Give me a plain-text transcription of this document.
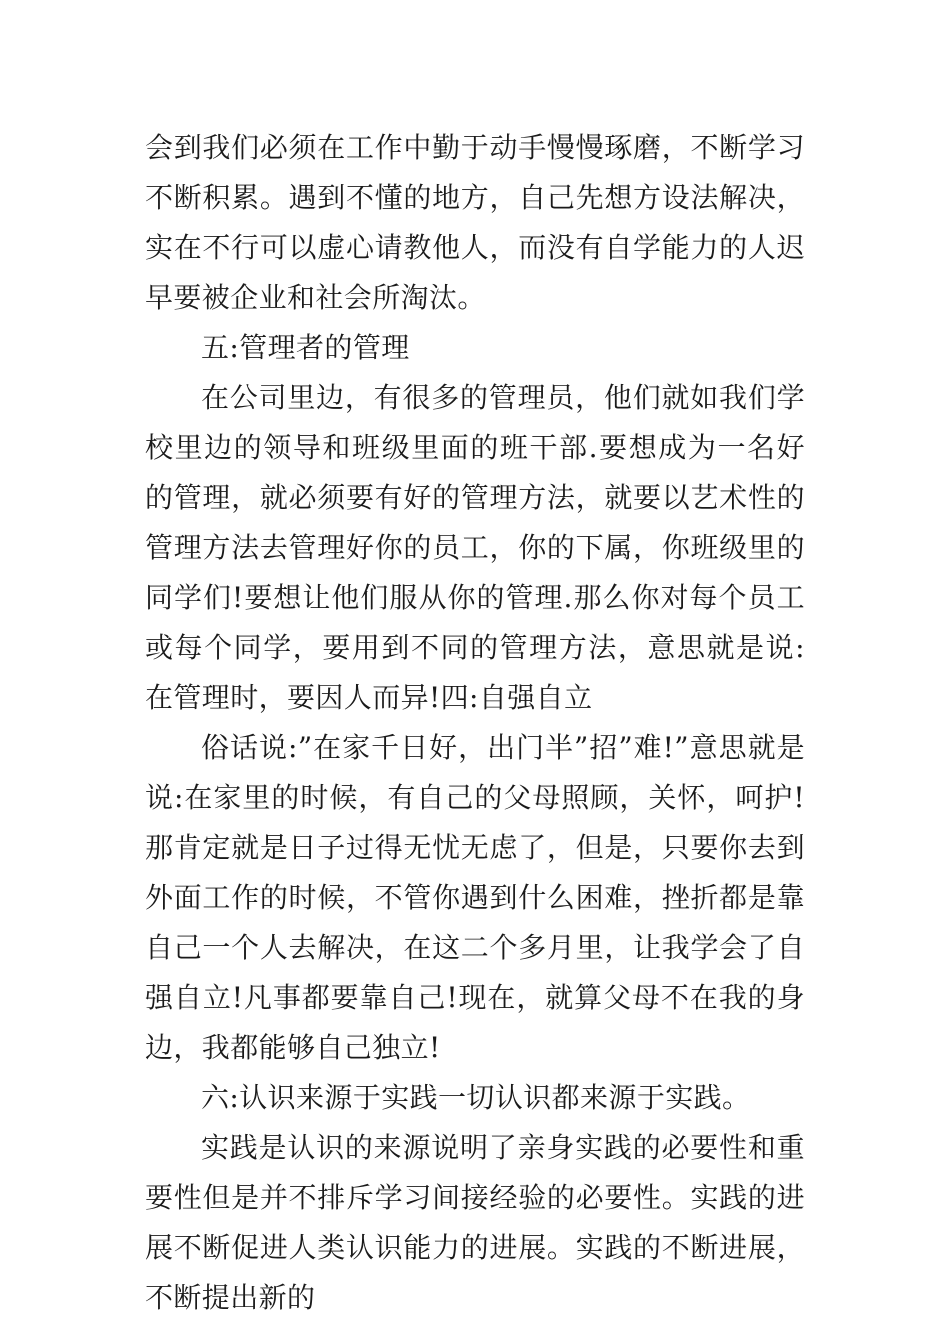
会到我们必须在工作中勤于动手慢慢琢磨，不断学习不断积累。遇到不懂的地方，自己先想方设法解决，实在不行可以虚心请教他人，而没有自学能力的人迟早要被企业和社会所淘汰。

五:管理者的管理

在公司里边，有很多的管理员，他们就如我们学校里边的领导和班级里面的班干部.要想成为一名好的管理，就必须要有好的管理方法，就要以艺术性的管理方法去管理好你的员工，你的下属，你班级里的同学们!要想让他们服从你的管理.那么你对每个员工或每个同学，要用到不同的管理方法，意思就是说:在管理时，要因人而异!四:自强自立

俗话说:”在家千日好，出门半”招”难!”意思就是说:在家里的时候，有自己的父母照顾，关怀，呵护!那肯定就是日子过得无忧无虑了，但是，只要你去到外面工作的时候，不管你遇到什么困难，挫折都是靠自己一个人去解决，在这二个多月里，让我学会了自强自立!凡事都要靠自己!现在，就算父母不在我的身边，我都能够自己独立!

六:认识来源于实践一切认识都来源于实践。

实践是认识的来源说明了亲身实践的必要性和重要性但是并不排斥学习间接经验的必要性。实践的进展不断促进人类认识能力的进展。实践的不断进展，不断提出新的
